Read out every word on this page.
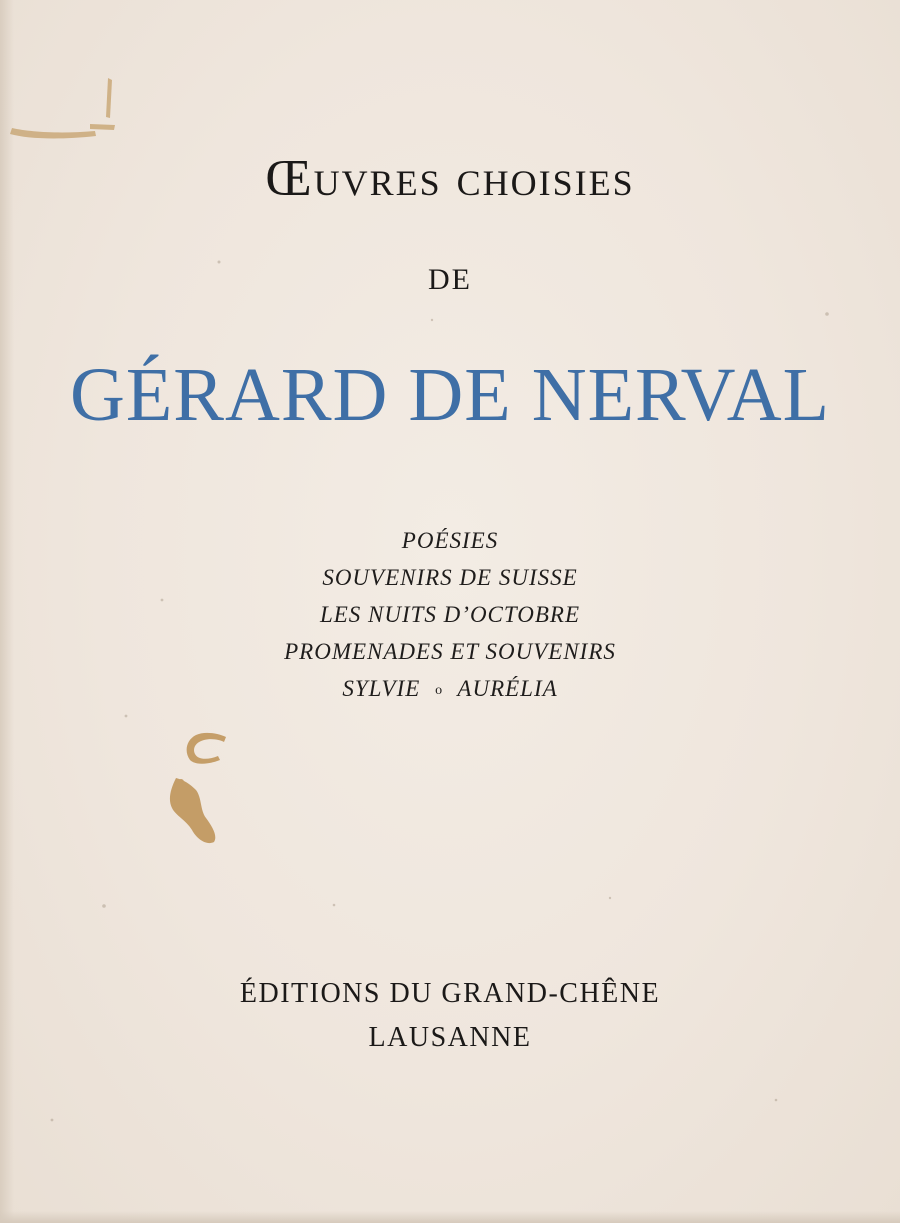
Œuvres choisies
DE
GÉRARD DE NERVAL
POÉSIES
SOUVENIRS DE SUISSE
LES NUITS D’OCTOBRE
PROMENADES ET SOUVENIRS
SYLVIE o AURÉLIA
ÉDITIONS DU GRAND-CHÊNE
LAUSANNE
